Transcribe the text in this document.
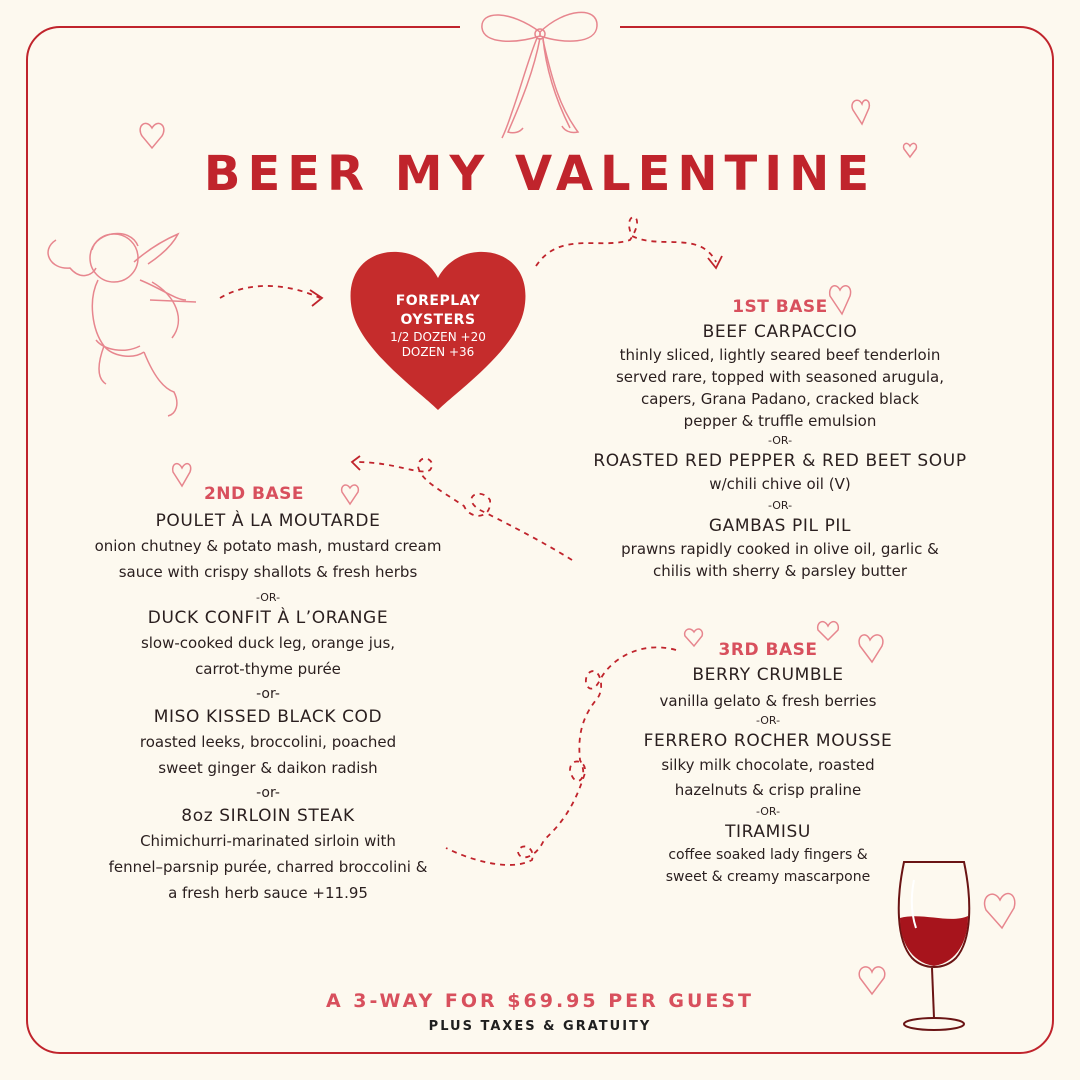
BEER MY VALENTINE
FOREPLAY
OYSTERS
1/2 DOZEN +20
DOZEN +36

1ST BASE

BEEF CARPACCIO

thinly sliced, lightly seared beef tenderloin

served rare, topped with seasoned arugula,

capers, Grana Padano, cracked black

pepper & truffle emulsion

-OR-

ROASTED RED PEPPER & RED BEET SOUP

w/chili chive oil (V)

-OR-

GAMBAS PIL PIL

prawns rapidly cooked in olive oil, garlic &

chilis with sherry & parsley butter

2ND BASE

POULET À LA MOUTARDE

onion chutney & potato mash, mustard cream

sauce with crispy shallots & fresh herbs

-OR-

DUCK CONFIT À L’ORANGE

slow-cooked duck leg, orange jus,

carrot-thyme purée

-or-

MISO KISSED BLACK COD

roasted leeks, broccolini, poached

sweet ginger & daikon radish

-or-

8oz SIRLOIN STEAK

Chimichurri-marinated sirloin with

fennel–parsnip purée, charred broccolini &

a fresh herb sauce +11.95

3RD BASE

BERRY CRUMBLE

vanilla gelato & fresh berries

-OR-

FERRERO ROCHER MOUSSE

silky milk chocolate, roasted

hazelnuts & crisp praline

-OR-

TIRAMISU

coffee soaked lady fingers &

sweet & creamy mascarpone

A 3-WAY FOR $69.95 PER GUEST

PLUS TAXES & GRATUITY
